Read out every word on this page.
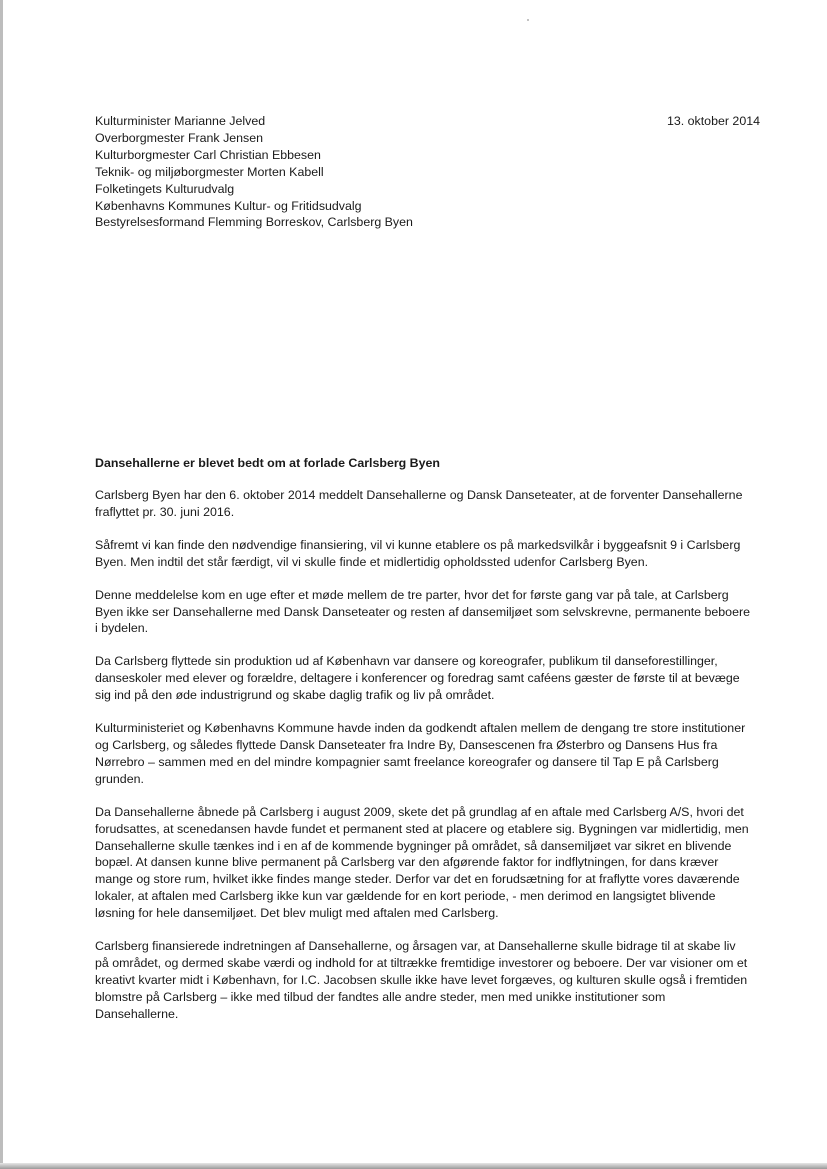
Kulturminister Marianne Jelved
Overborgmester Frank Jensen
Kulturborgmester Carl Christian Ebbesen
Teknik- og miljøborgmester Morten Kabell
Folketingets Kulturudvalg
Københavns Kommunes Kultur- og Fritidsudvalg
Bestyrelsesformand Flemming Borreskov, Carlsberg Byen
13. oktober 2014
Dansehallerne er blevet bedt om at forlade Carlsberg Byen

Carlsberg Byen har den 6. oktober 2014 meddelt Dansehallerne og Dansk Danseteater, at de forventer Dansehallerne fraflyttet pr. 30. juni 2016.

Såfremt vi kan finde den nødvendige finansiering, vil vi kunne etablere os på markedsvilkår i byggeafsnit 9 i Carlsberg Byen. Men indtil det står færdigt, vil vi skulle finde et midlertidig opholdssted udenfor Carlsberg Byen.

Denne meddelelse kom en uge efter et møde mellem de tre parter, hvor det for første gang var på tale, at Carlsberg Byen ikke ser Dansehallerne med Dansk Danseteater og resten af dansemiljøet som selvskrevne, permanente beboere i bydelen.

Da Carlsberg flyttede sin produktion ud af København var dansere og koreografer, publikum til danseforestillinger, danseskoler med elever og forældre, deltagere i konferencer og foredrag samt caféens gæster de første til at bevæge sig ind på den øde industrigrund og skabe daglig trafik og liv på området.

Kulturministeriet og Københavns Kommune havde inden da godkendt aftalen mellem de dengang tre store institutioner og Carlsberg, og således flyttede Dansk Danseteater fra Indre By, Dansescenen fra Østerbro og Dansens Hus fra Nørrebro – sammen med en del mindre kompagnier samt freelance koreografer og dansere til Tap E på Carlsberg grunden.

Da Dansehallerne åbnede på Carlsberg i august 2009, skete det på grundlag af en aftale med Carlsberg A/S, hvori det forudsattes, at scenedansen havde fundet et permanent sted at placere og etablere sig. Bygningen var midlertidig, men Dansehallerne skulle tænkes ind i en af de kommende bygninger på området, så dansemiljøet var sikret en blivende bopæl. At dansen kunne blive permanent på Carlsberg var den afgørende faktor for indflytningen, for dans kræver mange og store rum, hvilket ikke findes mange steder. Derfor var det en forudsætning for at fraflytte vores daværende lokaler, at aftalen med Carlsberg ikke kun var gældende for en kort periode, - men derimod en langsigtet blivende løsning for hele dansemiljøet. Det blev muligt med aftalen med Carlsberg.

Carlsberg finansierede indretningen af Dansehallerne, og årsagen var, at Dansehallerne skulle bidrage til at skabe liv på området, og dermed skabe værdi og indhold for at tiltrække fremtidige investorer og beboere. Der var visioner om et kreativt kvarter midt i København, for I.C. Jacobsen skulle ikke have levet forgæves, og kulturen skulle også i fremtiden blomstre på Carlsberg – ikke med tilbud der fandtes alle andre steder, men med unikke institutioner som Dansehallerne.
